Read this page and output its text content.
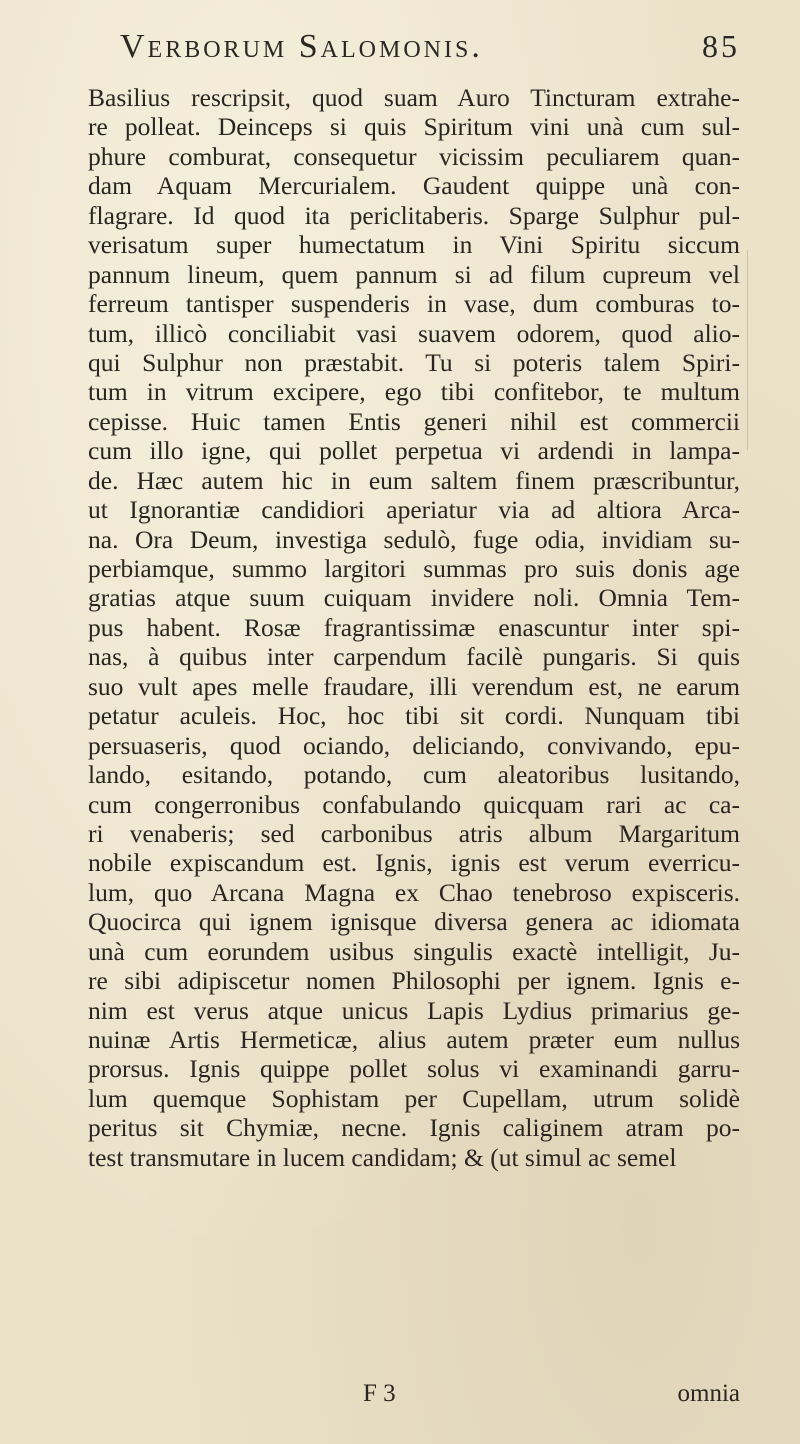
Verborum Salomonis.	85
Basilius rescripsit, quod suam Auro Tincturam extrahe-
re polleat. Deinceps si quis Spiritum vini unà cum sul-
phure comburat, consequetur vicissim peculiarem quan-
dam Aquam Mercurialem. Gaudent quippe unà con-
flagrare. Id quod ita periclitaberis. Sparge Sulphur pul-
verisatum super humectatum in Vini Spiritu siccum
pannum lineum, quem pannum si ad filum cupreum vel
ferreum tantisper suspenderis in vase, dum comburas to-
tum, illicò conciliabit vasi suavem odorem, quod alio-
qui Sulphur non præstabit. Tu si poteris talem Spiri-
tum in vitrum excipere, ego tibi confitebor, te multum
cepisse. Huic tamen Entis generi nihil est commercii
cum illo igne, qui pollet perpetua vi ardendi in lampa-
de. Hæc autem hic in eum saltem finem præscribuntur,
ut Ignorantiæ candidiori aperiatur via ad altiora Arca-
na. Ora Deum, investiga sedulò, fuge odia, invidiam su-
perbiamque, summo largitori summas pro suis donis age
gratias atque suum cuiquam invidere noli. Omnia Tem-
pus habent. Rosæ fragrantissimæ enascuntur inter spi-
nas, à quibus inter carpendum facilè pungaris. Si quis
suo vult apes melle fraudare, illi verendum est, ne earum
petatur aculeis. Hoc, hoc tibi sit cordi. Nunquam tibi
persuaseris, quod ociando, deliciando, convivando, epu-
lando, esitando, potando, cum aleatoribus lusitando,
cum congerronibus confabulando quicquam rari ac ca-
ri venaberis; sed carbonibus atris album Margaritum
nobile expiscandum est. Ignis, ignis est verum everricu-
lum, quo Arcana Magna ex Chao tenebroso expisceris.
Quocirca qui ignem ignisque diversa genera ac idiomata
unà cum eorundem usibus singulis exactè intelligit, Ju-
re sibi adipiscetur nomen Philosophi per ignem. Ignis e-
nim est verus atque unicus Lapis Lydius primarius ge-
nuinæ Artis Hermeticæ, alius autem præter eum nullus
prorsus. Ignis quippe pollet solus vi examinandi garru-
lum quemque Sophistam per Cupellam, utrum solidè
peritus sit Chymiæ, necne. Ignis caliginem atram po-
test transmutare in lucem candidam; & (ut simul ac semel
F 3	omnia
